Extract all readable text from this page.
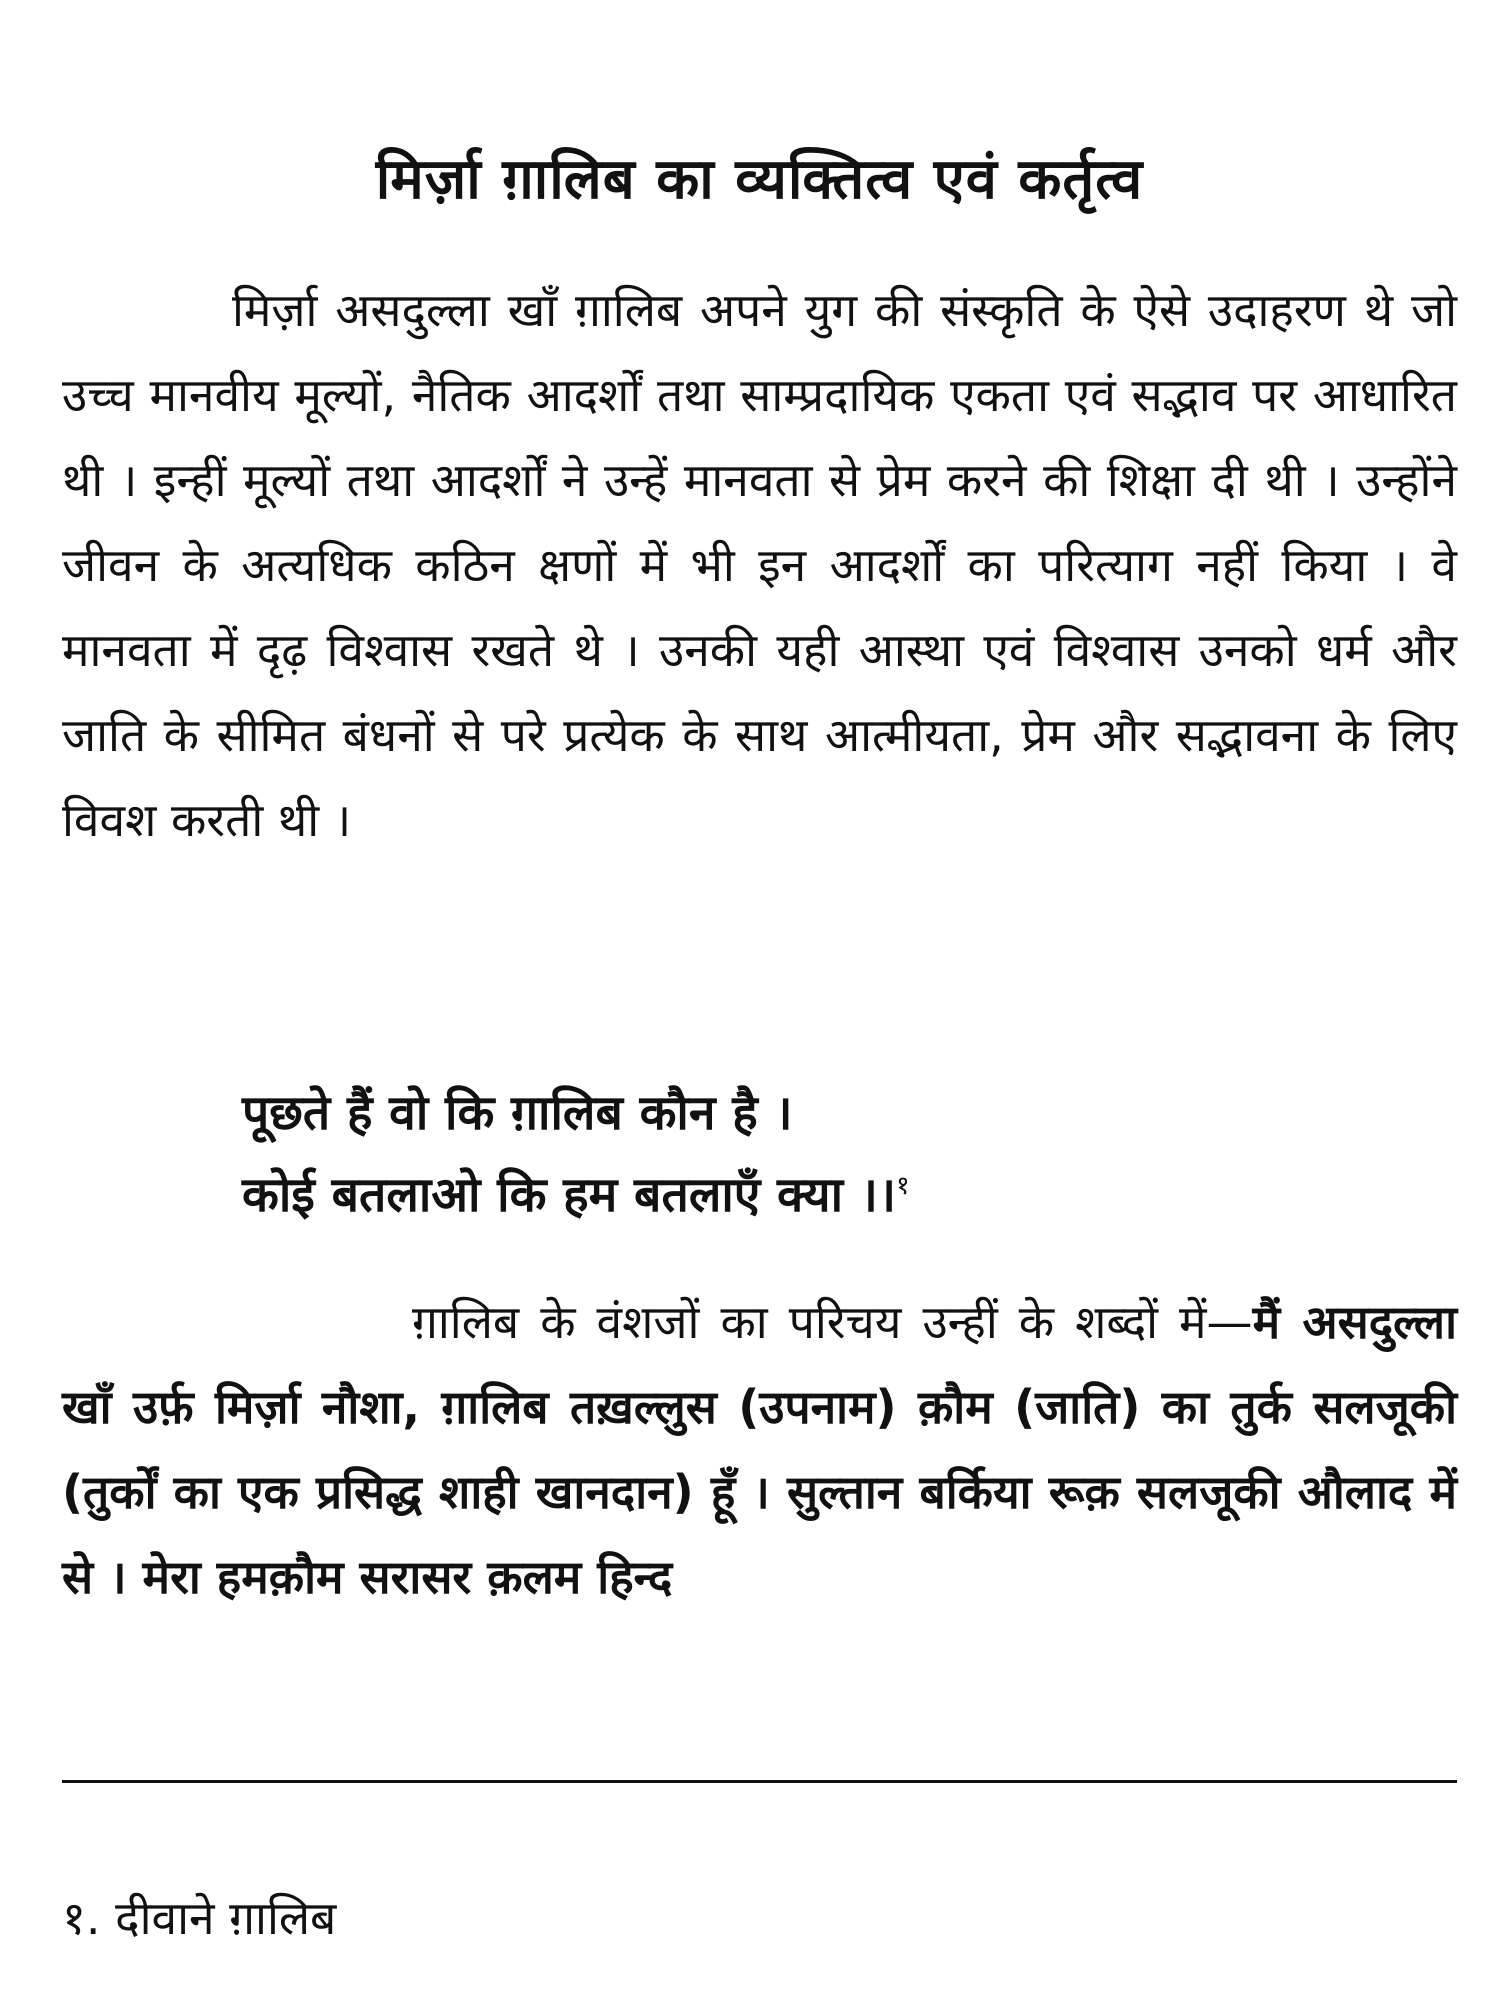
मिर्ज़ा ग़ालिब का व्यक्तित्व एवं कर्तृत्व

मिर्ज़ा असदुल्ला खाँ ग़ालिब अपने युग की संस्कृति के ऐसे उदाहरण थे जो उच्च मानवीय मूल्यों, नैतिक आदर्शों तथा साम्प्रदायिक एकता एवं सद्भाव पर आधारित थी । इन्हीं मूल्यों तथा आदर्शों ने उन्हें मानवता से प्रेम करने की शिक्षा दी थी । उन्होंने जीवन के अत्यधिक कठिन क्षणों में भी इन आदर्शों का परित्याग नहीं किया । वे मानवता में दृढ़ विश्वास रखते थे । उनकी यही आस्था एवं विश्वास उनको धर्म और जाति के सीमित बंधनों से परे प्रत्येक के साथ आत्मीयता, प्रेम और सद्भावना के लिए विवश करती थी ।

पूछते हैं वो कि ग़ालिब कौन है ।
कोई बतलाओ कि हम बतलाएँ क्या ।।$^१$

ग़ालिब के वंशजों का परिचय उन्हीं के शब्दों में—मैं असदुल्ला खाँ उर्फ़ मिर्ज़ा नौशा, ग़ालिब तख़ल्लुस (उपनाम) क़ौम (जाति) का तुर्क सलजूकी (तुर्कों का एक प्रसिद्ध शाही खानदान) हूँ । सुल्तान बर्किया रूक़ सलजूकी औलाद में से । मेरा हमक़ौम सरासर क़लम हिन्द

१. दीवाने ग़ालिब
